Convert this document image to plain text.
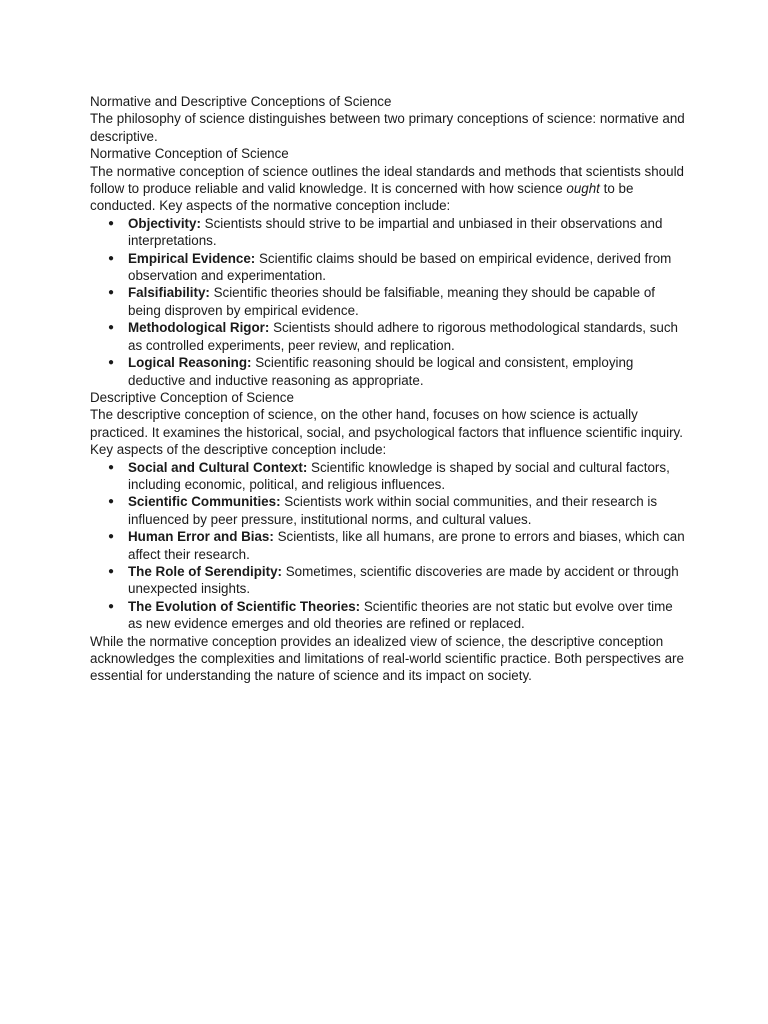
Normative and Descriptive Conceptions of Science

The philosophy of science distinguishes between two primary conceptions of science: normative and descriptive.

Normative Conception of Science

The normative conception of science outlines the ideal standards and methods that scientists should follow to produce reliable and valid knowledge. It is concerned with how science ought to be conducted. Key aspects of the normative conception include:

● Objectivity: Scientists should strive to be impartial and unbiased in their observations and interpretations.
● Empirical Evidence: Scientific claims should be based on empirical evidence, derived from observation and experimentation.
● Falsifiability: Scientific theories should be falsifiable, meaning they should be capable of being disproven by empirical evidence.
● Methodological Rigor: Scientists should adhere to rigorous methodological standards, such as controlled experiments, peer review, and replication.
● Logical Reasoning: Scientific reasoning should be logical and consistent, employing deductive and inductive reasoning as appropriate.

Descriptive Conception of Science

The descriptive conception of science, on the other hand, focuses on how science is actually practiced. It examines the historical, social, and psychological factors that influence scientific inquiry. Key aspects of the descriptive conception include:

● Social and Cultural Context: Scientific knowledge is shaped by social and cultural factors, including economic, political, and religious influences.
● Scientific Communities: Scientists work within social communities, and their research is influenced by peer pressure, institutional norms, and cultural values.
● Human Error and Bias: Scientists, like all humans, are prone to errors and biases, which can affect their research.
● The Role of Serendipity: Sometimes, scientific discoveries are made by accident or through unexpected insights.
● The Evolution of Scientific Theories: Scientific theories are not static but evolve over time as new evidence emerges and old theories are refined or replaced.

While the normative conception provides an idealized view of science, the descriptive conception acknowledges the complexities and limitations of real-world scientific practice. Both perspectives are essential for understanding the nature of science and its impact on society.
